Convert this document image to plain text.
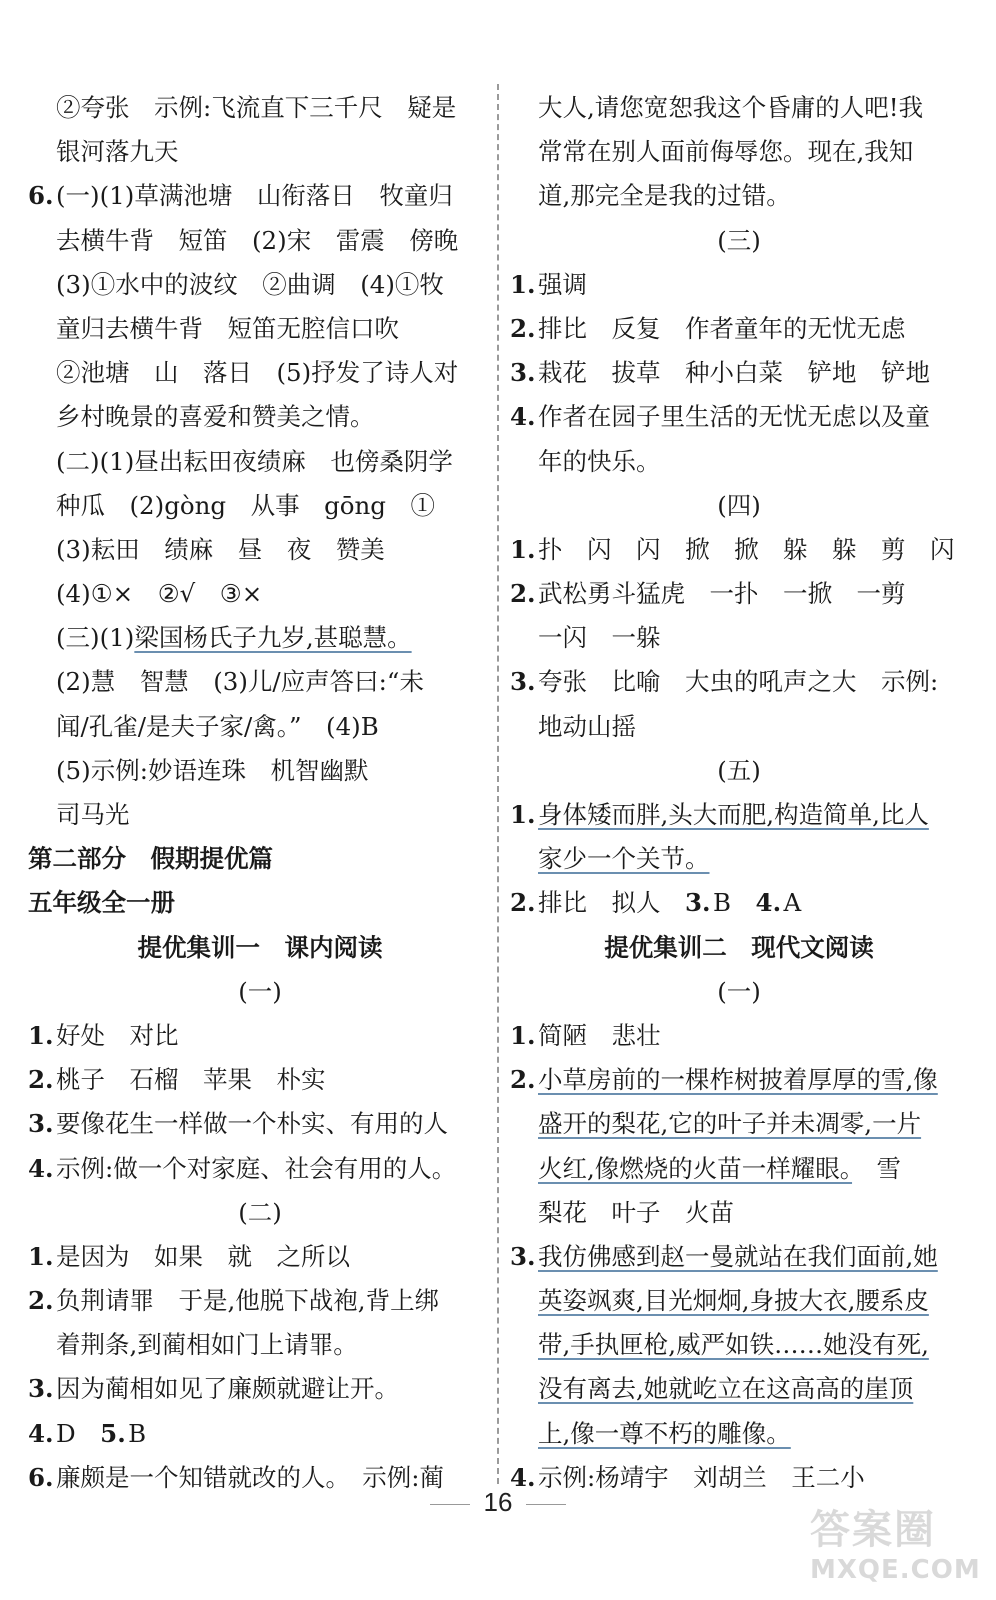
②夸张　示例:飞流直下三千尺　疑是
银河落九天
6.(一)(1)草满池塘　山衔落日　牧童归
去横牛背　短笛　(2)宋　雷震　傍晚
(3)①水中的波纹　②曲调　(4)①牧
童归去横牛背　短笛无腔信口吹
②池塘　山　落日　(5)抒发了诗人对
乡村晚景的喜爱和赞美之情。
(二)(1)昼出耘田夜绩麻　也傍桑阴学
种瓜　(2)gòng　从事　gōng　①
(3)耘田　绩麻　昼　夜　赞美
(4)①×　②√　③×
(三)(1)梁国杨氏子九岁,甚聪慧。
(2)慧　智慧　(3)儿/应声答曰:“未
闻/孔雀/是夫子家/禽。”　(4)B
(5)示例:妙语连珠　机智幽默
司马光
第二部分　假期提优篇
五年级全一册
提优集训一　课内阅读
(一)
1.好处　对比
2.桃子　石榴　苹果　朴实
3.要像花生一样做一个朴实、有用的人
4.示例:做一个对家庭、社会有用的人。
(二)
1.是因为　如果　就　之所以
2.负荆请罪　于是,他脱下战袍,背上绑
着荆条,到蔺相如门上请罪。
3.因为蔺相如见了廉颇就避让开。
4.D　5.B
6.廉颇是一个知错就改的人。　示例:蔺
大人,请您宽恕我这个昏庸的人吧!我
常常在别人面前侮辱您。现在,我知
道,那完全是我的过错。
(三)
1.强调
2.排比　反复　作者童年的无忧无虑
3.栽花　拔草　种小白菜　铲地　铲地
4.作者在园子里生活的无忧无虑以及童
年的快乐。
(四)
1.扑　闪　闪　掀　掀　躲　躲　剪　闪
2.武松勇斗猛虎　一扑　一掀　一剪
一闪　一躲
3.夸张　比喻　大虫的吼声之大　示例:
地动山摇
(五)
1.身体矮而胖,头大而肥,构造简单,比人
家少一个关节。
2.排比　拟人　3.B　4.A
提优集训二　现代文阅读
(一)
1.简陋　悲壮
2.小草房前的一棵柞树披着厚厚的雪,像
盛开的梨花,它的叶子并未凋零,一片
火红,像燃烧的火苗一样耀眼。　雪
梨花　叶子　火苗
3.我仿佛感到赵一曼就站在我们面前,她
英姿飒爽,目光炯炯,身披大衣,腰系皮
带,手执匣枪,威严如铁……她没有死,
没有离去,她就屹立在这高高的崖顶
上,像一尊不朽的雕像。
4.示例:杨靖宇　刘胡兰　王二小
16
答案圈
MXQE.COM
